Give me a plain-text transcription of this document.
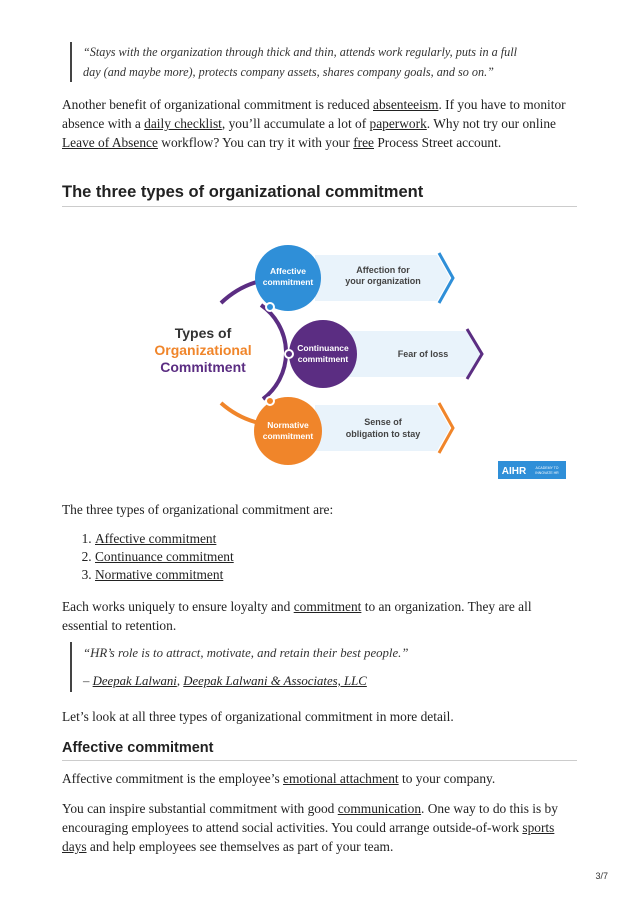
“Stays with the organization through thick and thin, attends work regularly, puts in a full
day (and maybe more), protects company assets, shares company goals, and so on.”
Another benefit of organizational commitment is reduced absenteeism. If you have to monitor absence with a daily checklist, you’ll accumulate a lot of paperwork. Why not try our online Leave of Absence workflow? You can try it with your free Process Street account.
The three types of organizational commitment
Affective
commitment
Affection for
your organization
Continuance
commitment	Fear of loss
Normative
commitment
Sense of
obligation to stay
Types of
Organizational
Commitment
AIHR	ACADEMY TO
INNOVATE HR
The three types of organizational commitment are:
1. Affective commitment
2. Continuance commitment
3. Normative commitment
Each works uniquely to ensure loyalty and commitment to an organization. They are all essential to retention.
“HR’s role is to attract, motivate, and retain their best people.”
– Deepak Lalwani, Deepak Lalwani & Associates, LLC
Let’s look at all three types of organizational commitment in more detail.
Affective commitment
Affective commitment is the employee’s emotional attachment to your company.
You can inspire substantial commitment with good communication. One way to do this is by encouraging employees to attend social activities. You could arrange outside-of-work sports days and help employees see themselves as part of your team.
3/7
